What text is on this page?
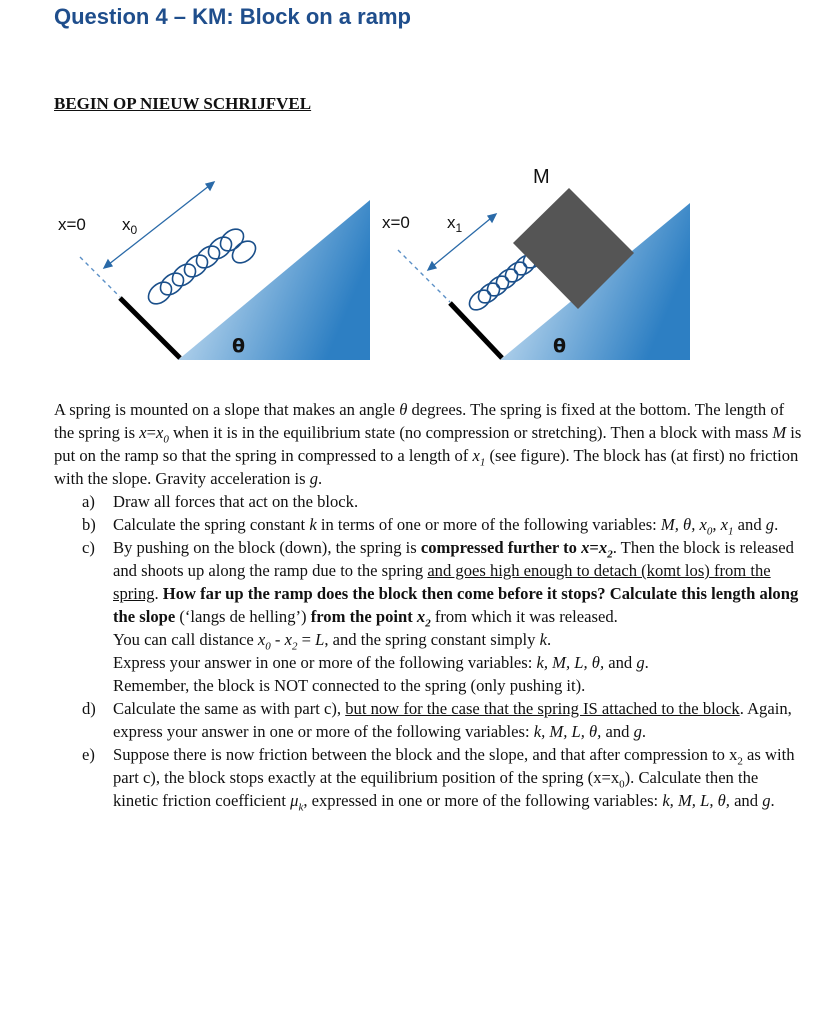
Question 4 – KM: Block on a ramp
BEGIN OP NIEUW SCHRIJFVEL
x=0 $x_0$
θ
x=0 $x_1$
M
θ

A spring is mounted on a slope that makes an angle θ degrees. The spring is fixed at the bottom. The length of the spring is $x=x_0$ when it is in the equilibrium state (no compression or stretching). Then a block with mass M is put on the ramp so that the spring in compressed to a length of $x_1$ (see figure). The block has (at first) no friction with the slope. Gravity acceleration is g.

a) Draw all forces that act on the block.
b) Calculate the spring constant k in terms of one or more of the following variables: M, θ, $x_0$, $x_1$ and g.
c) By pushing on the block (down), the spring is compressed further to $x=x_2$. Then the block is released and shoots up along the ramp due to the spring and goes high enough to detach (komt los) from the spring. How far up the ramp does the block then come before it stops? Calculate this length along the slope (‘langs de helling’) from the point $x_2$ from which it was released.
You can call distance $x_0 - x_2 = L$, and the spring constant simply k.
Express your answer in one or more of the following variables: k, M, L, θ, and g.
Remember, the block is NOT connected to the spring (only pushing it).
d) Calculate the same as with part c), but now for the case that the spring IS attached to the block. Again, express your answer in one or more of the following variables: k, M, L, θ, and g.
e) Suppose there is now friction between the block and the slope, and that after compression to $x_2$ as with part c), the block stops exactly at the equilibrium position of the spring $(x=x_0)$. Calculate then the kinetic friction coefficient $\mu_k$, expressed in one or more of the following variables: k, M, L, θ, and g.
